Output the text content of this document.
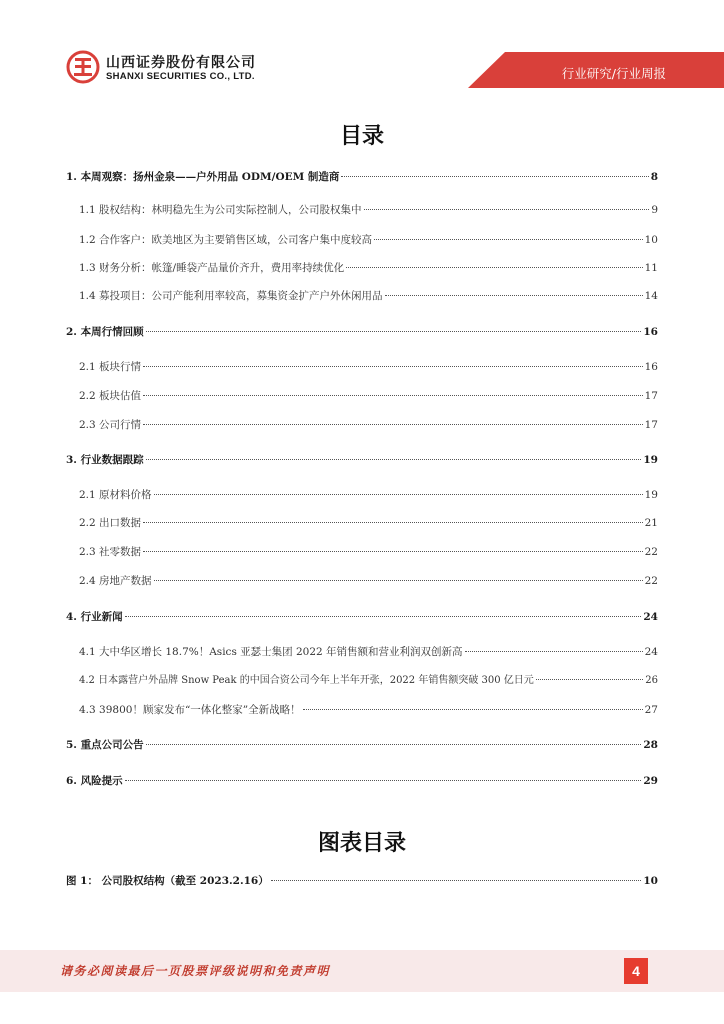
山西证券股份有限公司
SHANXI SECURITIES CO., LTD.	行业研究/行业周报
目录
1. 本周观察：扬州金泉——户外用品 ODM/OEM 制造商	8
1.1 股权结构：林明稳先生为公司实际控制人，公司股权集中	9
1.2 合作客户：欧美地区为主要销售区域，公司客户集中度较高	10
1.3 财务分析：帐篷/睡袋产品量价齐升，费用率持续优化	11
1.4 募投项目：公司产能利用率较高，募集资金扩产户外休闲用品	14
2. 本周行情回顾	16
2.1 板块行情	16
2.2 板块估值	17
2.3 公司行情	17
3. 行业数据跟踪	19
2.1 原材料价格	19
2.2 出口数据	21
2.3 社零数据	22
2.4 房地产数据	22
4. 行业新闻	24
4.1 大中华区增长 18.7%！Asics 亚瑟士集团 2022 年销售额和营业利润双创新高	24
4.2 日本露营户外品牌 Snow Peak 的中国合资公司今年上半年开张，2022 年销售额突破 300 亿日元	26
4.3 39800！顾家发布“一体化整家”全新战略！	27
5. 重点公司公告	28
6. 风险提示	29
图表目录
图 1： 公司股权结构（截至 2023.2.16）	10
请务必阅读最后一页股票评级说明和免责声明	4
